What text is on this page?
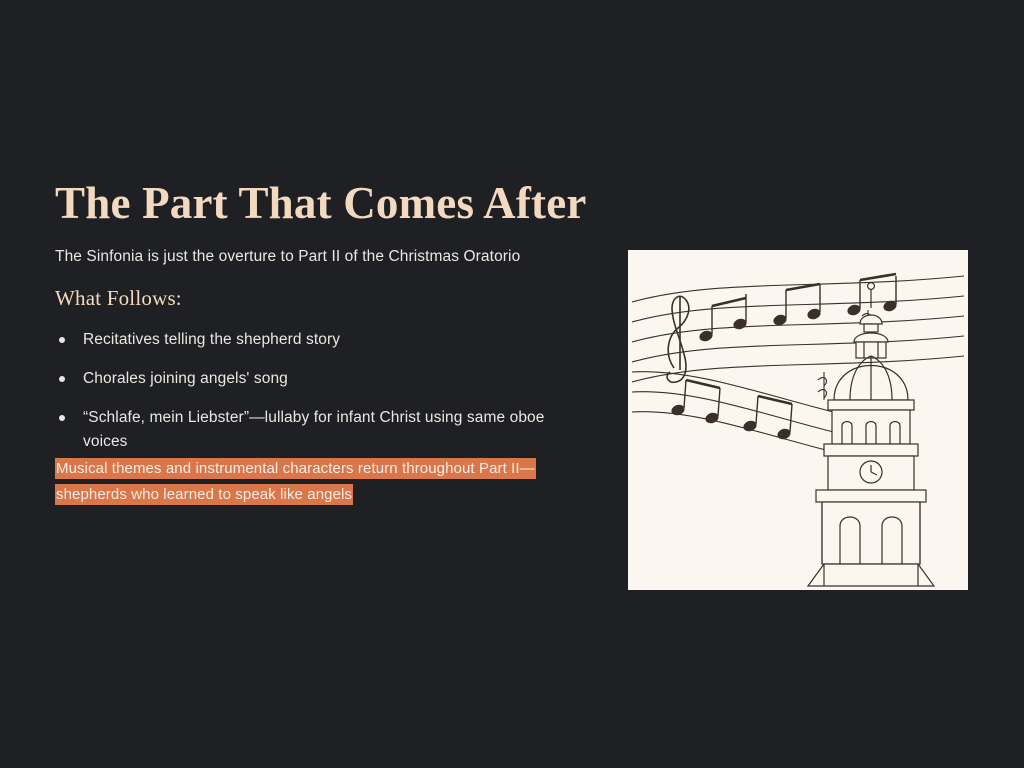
The Part That Comes After
The Sinfonia is just the overture to Part II of the Christmas Oratorio
What Follows:
Recitatives telling the shepherd story
Chorales joining angels' song
“Schlafe, mein Liebster”—lullaby for infant Christ using same oboe voices
Musical themes and instrumental characters return throughout Part II—shepherds who learned to speak like angels
